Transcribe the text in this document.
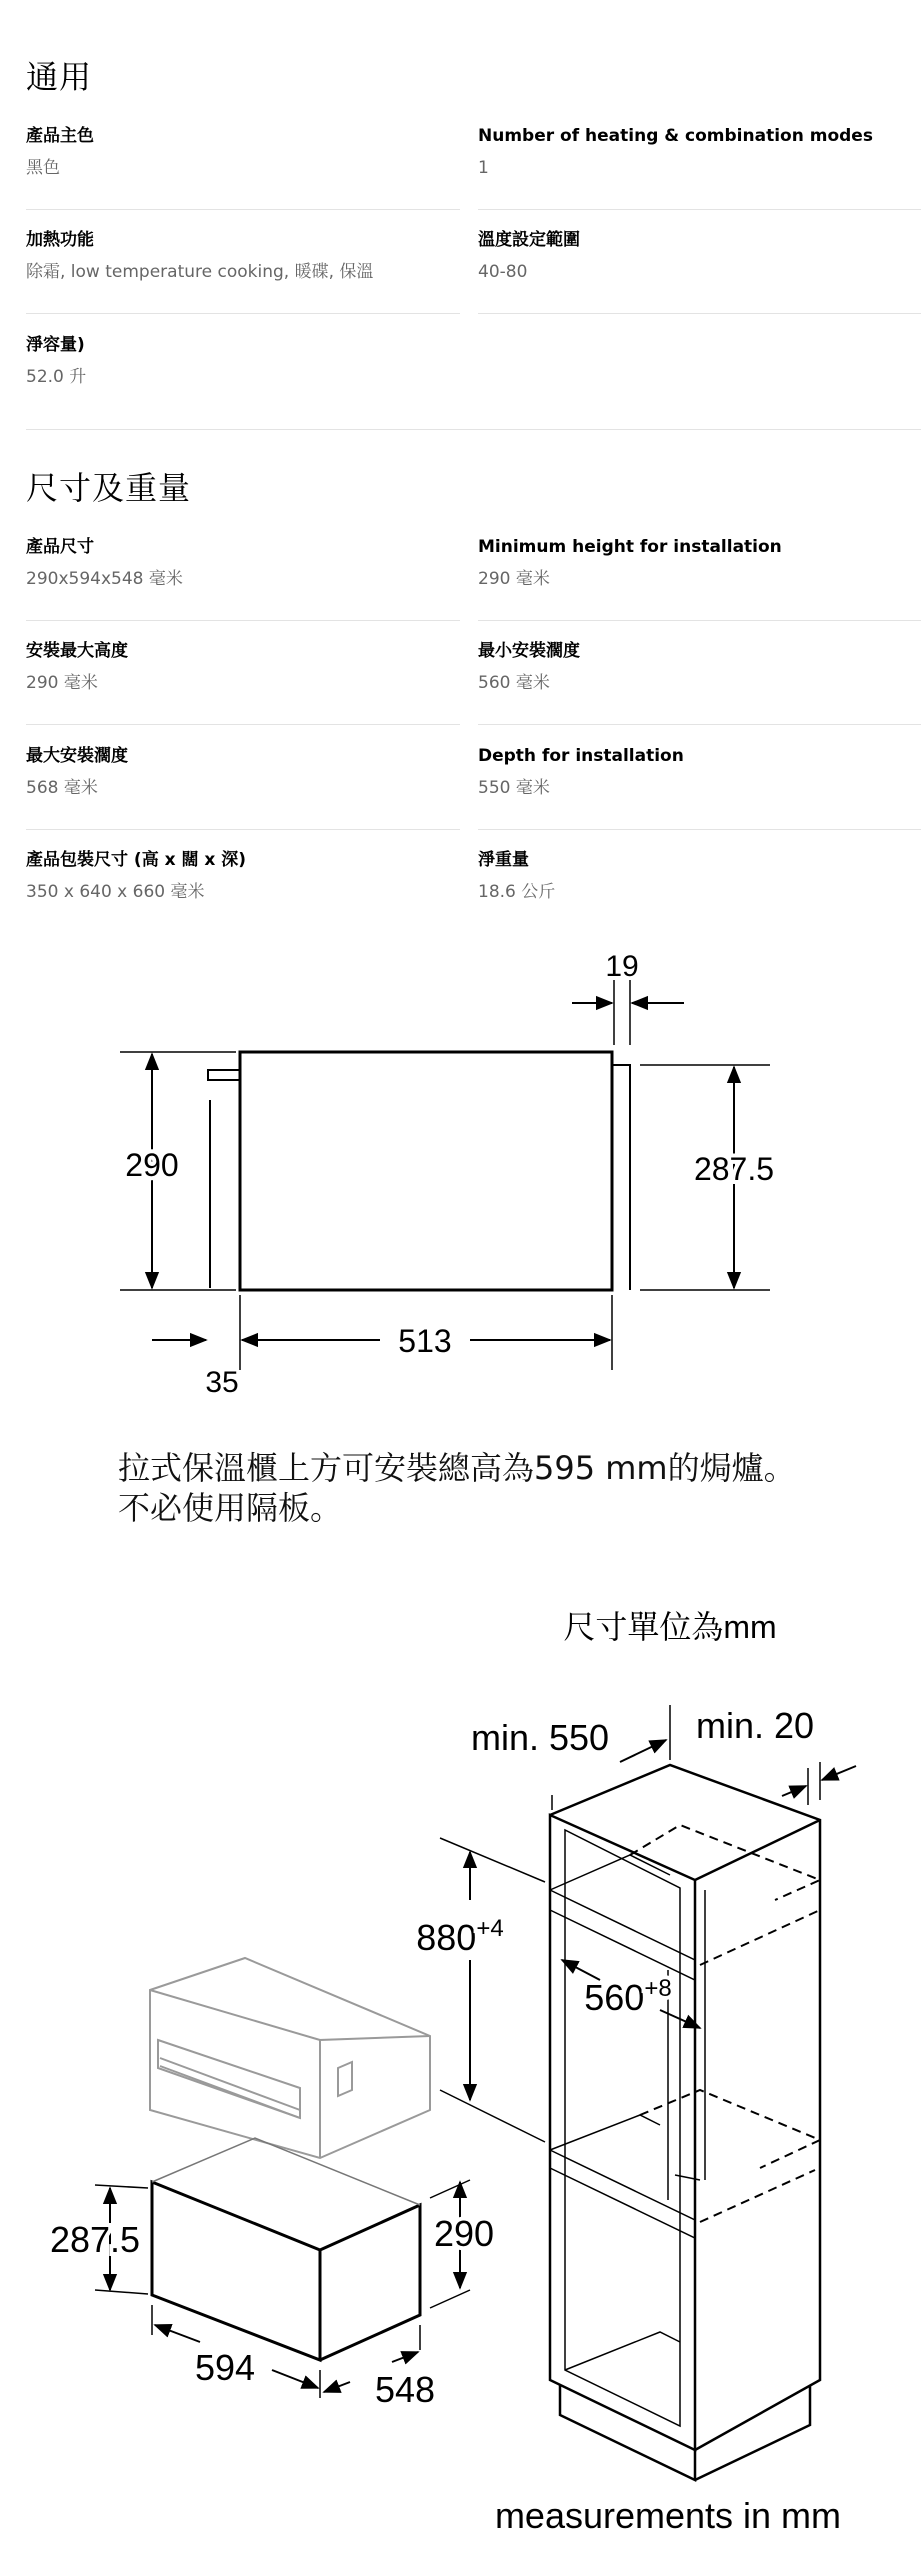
通用
產品主色
黑色
Number of heating & combination modes
1
加熱功能
除霜, low temperature cooking, 暖碟, 保溫
溫度設定範圍
40-80
淨容量)
52.0 升
尺寸及重量
產品尺寸
290x594x548 毫米
Minimum height for installation
290 毫米
安裝最大高度
290 毫米
最小安裝濶度
560 毫米
最大安裝濶度
568 毫米
Depth for installation
550 毫米
產品包裝尺寸 (高 x 闊 x 深)
350 x 640 x 660 毫米
淨重量
18.6 公斤
19
290	287.5
513
35
拉式保溫櫃上方可安裝總高為595 mm的焗爐。
不必使用隔板。
尺寸單位為mm
min. 550 min. 20
$880^{+4}$
$560^{+8}$
287.5	290
594
548
measurements in mm
